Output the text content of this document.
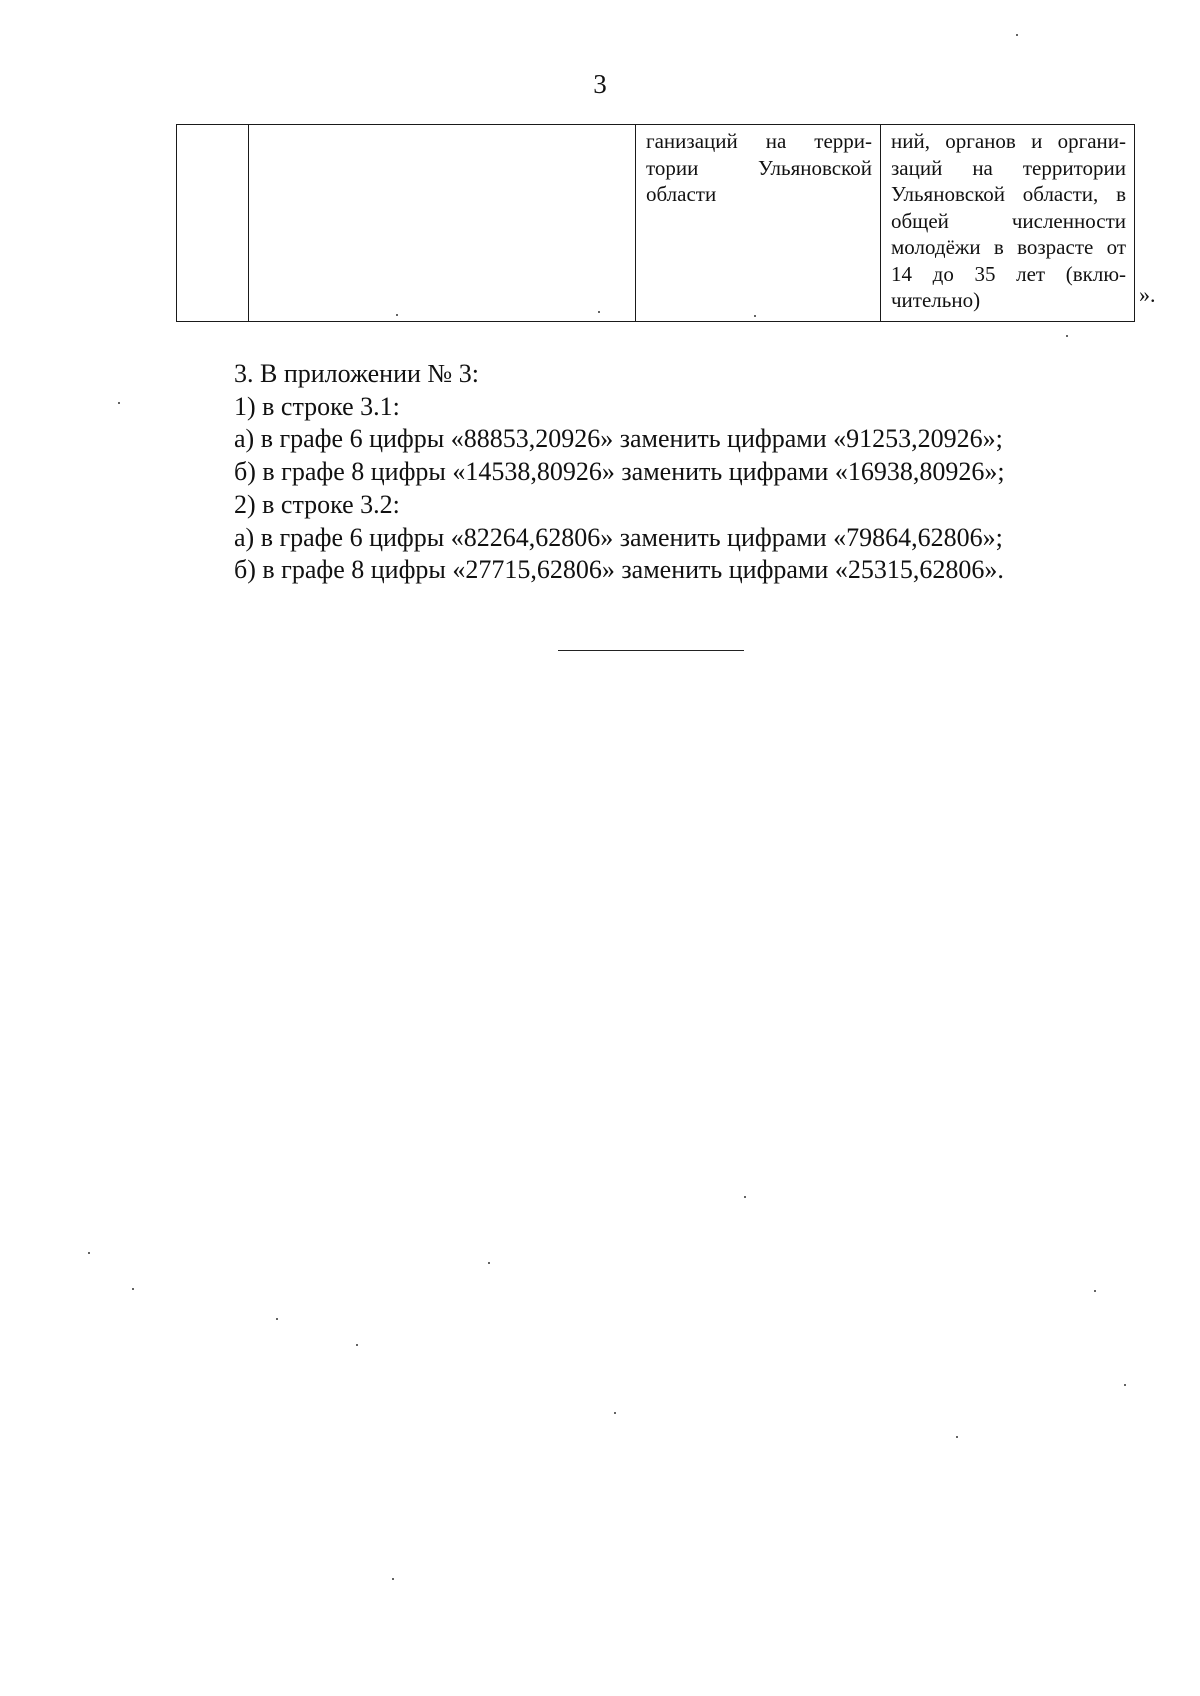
3

ганизаций на терри-тории Ульяновской области

ний, органов и органи-заций на территории Ульяновской области, в общей численности молодёжи в возрасте от 14 до 35 лет (вклю-чительно)	».

3. В приложении № 3:

1) в строке 3.1:

а) в графе 6 цифры «88853,20926» заменить цифрами «91253,20926»;

б) в графе 8 цифры «14538,80926» заменить цифрами «16938,80926»;

2) в строке 3.2:

а) в графе 6 цифры «82264,62806» заменить цифрами «79864,62806»;

б) в графе 8 цифры «27715,62806» заменить цифрами «25315,62806».
